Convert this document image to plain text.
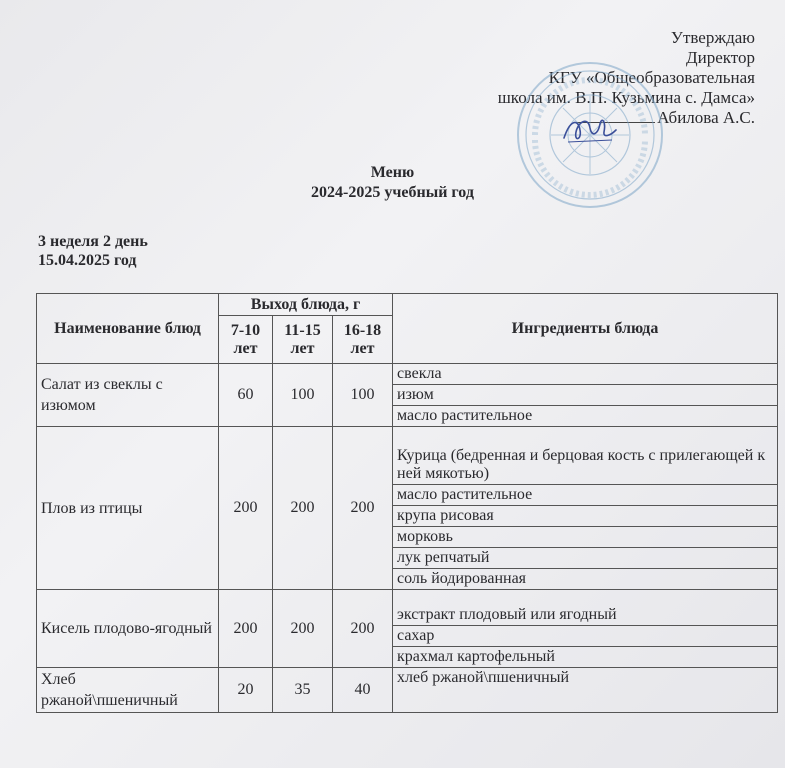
Утверждаю
Директор
КГУ «Общеобразовательная
школа им. В.П. Кузьмина с. Дамса»
Абилова А.С.
Меню
2024-2025 учебный год
3 неделя 2 день
15.04.2025 год
Наименование блюд	Выход блюда, г			Ингредиенты блюда
	7-10 лет	11-15 лет	16-18 лет	
Салат из свеклы с изюмом	60	100	100	свекла
				изюм
				масло растительное
Плов из птицы	200	200	200	Курица (бедренная и берцовая кость с прилегающей к ней мякотью)
				масло растительное
				крупа рисовая
				морковь
				лук репчатый
				соль йодированная
Кисель плодово-ягодный	200	200	200	экстракт плодовый или ягодный
				сахар
				крахмал картофельный
Хлеб ржаной\пшеничный	20	35	40	хлеб ржаной\пшеничный
